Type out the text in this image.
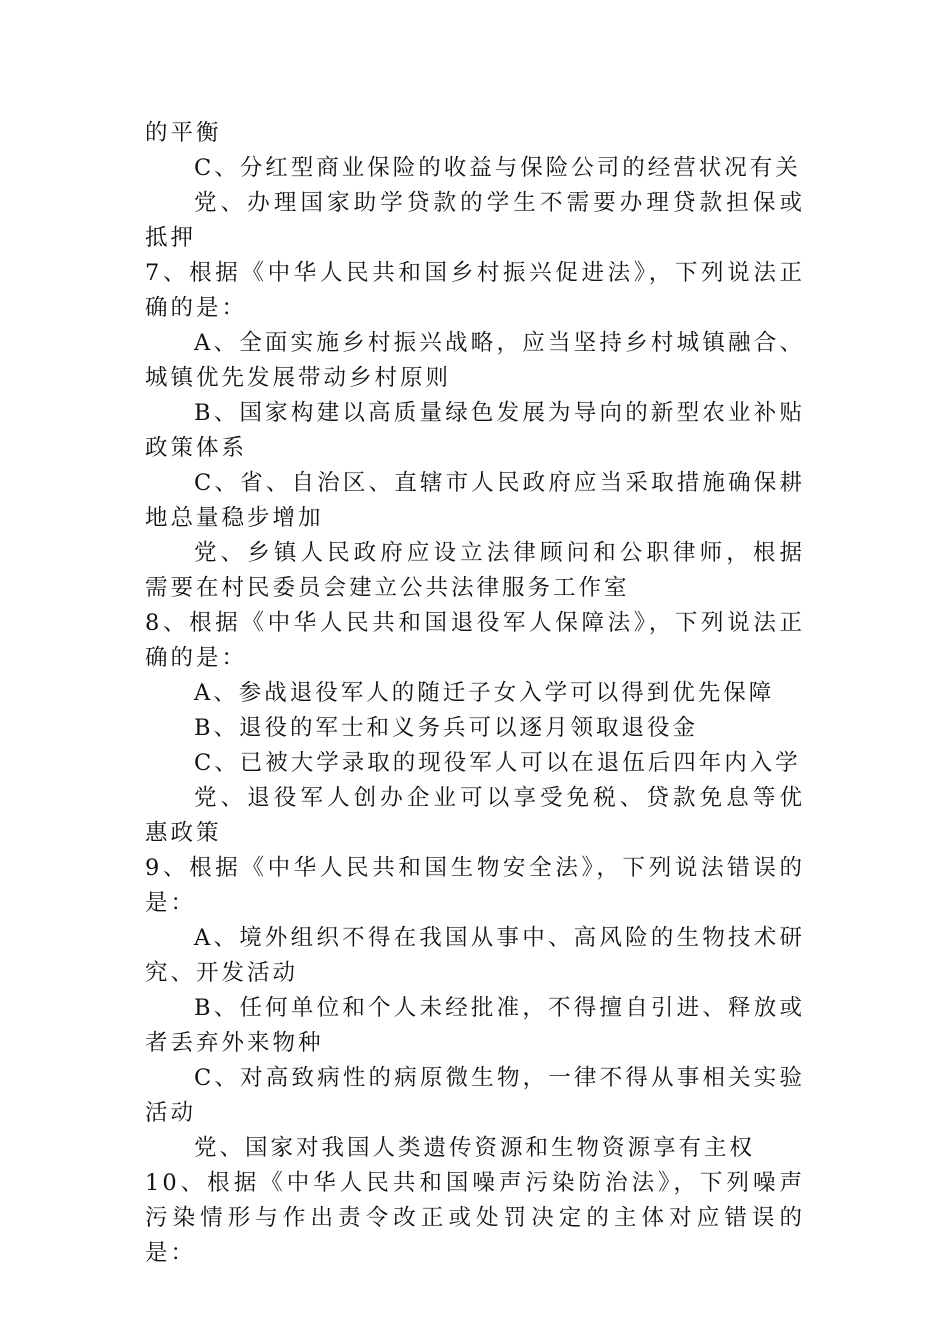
的平衡

C、分红型商业保险的收益与保险公司的经营状况有关

党、办理国家助学贷款的学生不需要办理贷款担保或抵押

7、根据《中华人民共和国乡村振兴促进法》，下列说法正确的是：

A、全面实施乡村振兴战略，应当坚持乡村城镇融合、城镇优先发展带动乡村原则

B、国家构建以高质量绿色发展为导向的新型农业补贴政策体系

C、省、自治区、直辖市人民政府应当采取措施确保耕地总量稳步增加

党、乡镇人民政府应设立法律顾问和公职律师，根据需要在村民委员会建立公共法律服务工作室

8、根据《中华人民共和国退役军人保障法》，下列说法正确的是：

A、参战退役军人的随迁子女入学可以得到优先保障

B、退役的军士和义务兵可以逐月领取退役金

C、已被大学录取的现役军人可以在退伍后四年内入学

党、退役军人创办企业可以享受免税、贷款免息等优惠政策

9、根据《中华人民共和国生物安全法》，下列说法错误的是：

A、境外组织不得在我国从事中、高风险的生物技术研究、开发活动

B、任何单位和个人未经批准，不得擅自引进、释放或者丢弃外来物种

C、对高致病性的病原微生物，一律不得从事相关实验活动

党、国家对我国人类遗传资源和生物资源享有主权

10、根据《中华人民共和国噪声污染防治法》，下列噪声污染情形与作出责令改正或处罚决定的主体对应错误的是：
